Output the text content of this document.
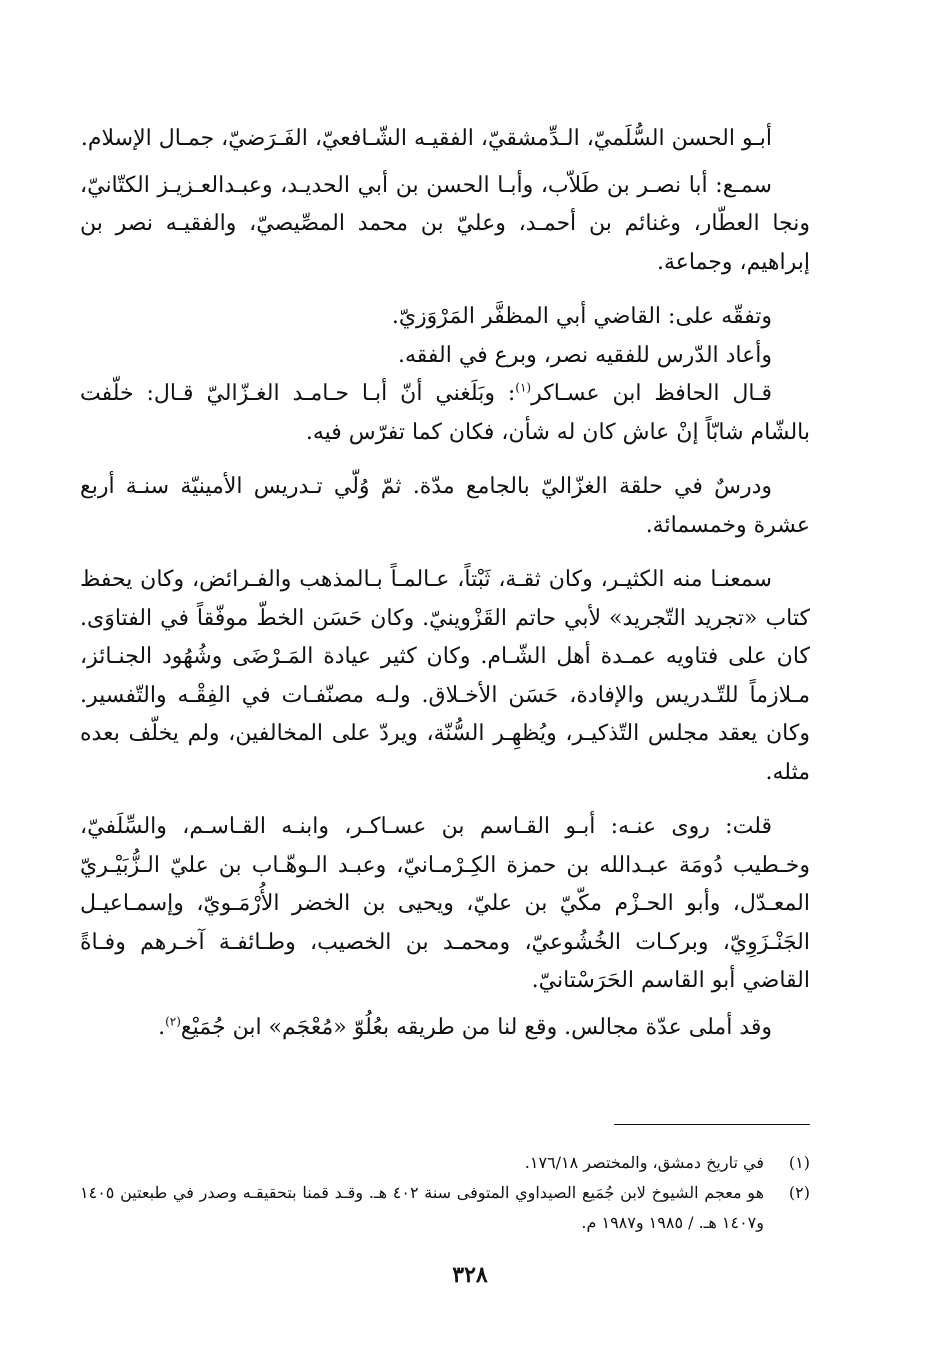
أبـو الحسن السُّلَميّ، الـدِّمشقيّ، الفقيـه الشّـافعيّ، الفَـرَضيّ، جمـال الإسلام.

سمـع: أبا نصـر بن طَلاّب، وأبـا الحسن بن أبي الحديـد، وعبـدالعـزيـز الكتّانيّ، ونجا العطّار، وغنائم بن أحمـد، وعليّ بن محمد المصِّيصيّ، والفقيـه نصر بن إبراهيم، وجماعة.

وتفقّه على: القاضي أبي المظفَّر المَرْوَزيّ.

وأعاد الدّرس للفقيه نصر، وبرع في الفقه.

قـال الحافظ ابن عسـاكر$^{(١)}$: وبَلَغني أنّ أبـا حـامـد الغـزّاليّ قـال: خلّفت بالشّام شابّاً إنْ عاش كان له شأن، فكان كما تفرّس فيه.

ودرسٌ في حلقة الغزّاليّ بالجامع مدّة. ثمّ وُلّي تـدريس الأمينيّة سنـة أربع عشرة وخمسمائة.

سمعنـا منه الكثيـر، وكان ثقـة، ثَبْتاً، عـالمـاً بـالمذهب والفـرائض، وكان يحفظ كتاب «تجريد التّجريد» لأبي حاتم القَزْوينيّ. وكان حَسَن الخطّ موفّقاً في الفتاوَى. كان على فتاويه عمـدة أهل الشّـام. وكان كثير عيادة المَـرْضَى وشُهُود الجنـائز، مـلازماً للتّـدريس والإفادة، حَسَن الأخـلاق. ولـه مصنّفـات في الفِقْـه والتّفسير. وكان يعقد مجلس التّذكيـر، ويُظهِـر السُّنّة، ويردّ على المخالفين، ولم يخلّف بعده مثله.

قلت: روى عنـه: أبـو القـاسم بن عسـاكـر، وابنـه القـاسـم، والسِّلَفيّ، وخـطيب دُومَة عبـدالله بن حمزة الكِـرْمـانيّ، وعبـد الـوهّـاب بن عليّ الـزُّبَيْـريّ المعـدّل، وأبو الحـزْم مكّيّ بن عليّ، ويحيى بن الخضر الأُرْمَـويّ، وإسمـاعيـل الجَنْـزَوِيّ، وبركـات الخُشُوعيّ، ومحمـد بن الخصيب، وطـائفـة آخـرهم وفـاةً القاضي أبو القاسم الحَرَسْتانيّ.

وقد أملى عدّة مجالس. وقع لنا من طريقه بعُلُوّ «مُعْجَم» ابن جُمَيْع$^{(٢)}$.

(١)
في تاريخ دمشق، والمختصر ١٧٦/١٨.
(٢)
هو معجم الشيوخ لابن جُمَيع الصيداوي المتوفى سنة ٤٠٢ هـ. وقـد قمنا بتحقيقـه وصدر في طبعتين ١٤٠٥ و١٤٠٧ هـ. / ١٩٨٥ و١٩٨٧ م.
٣٢٨
